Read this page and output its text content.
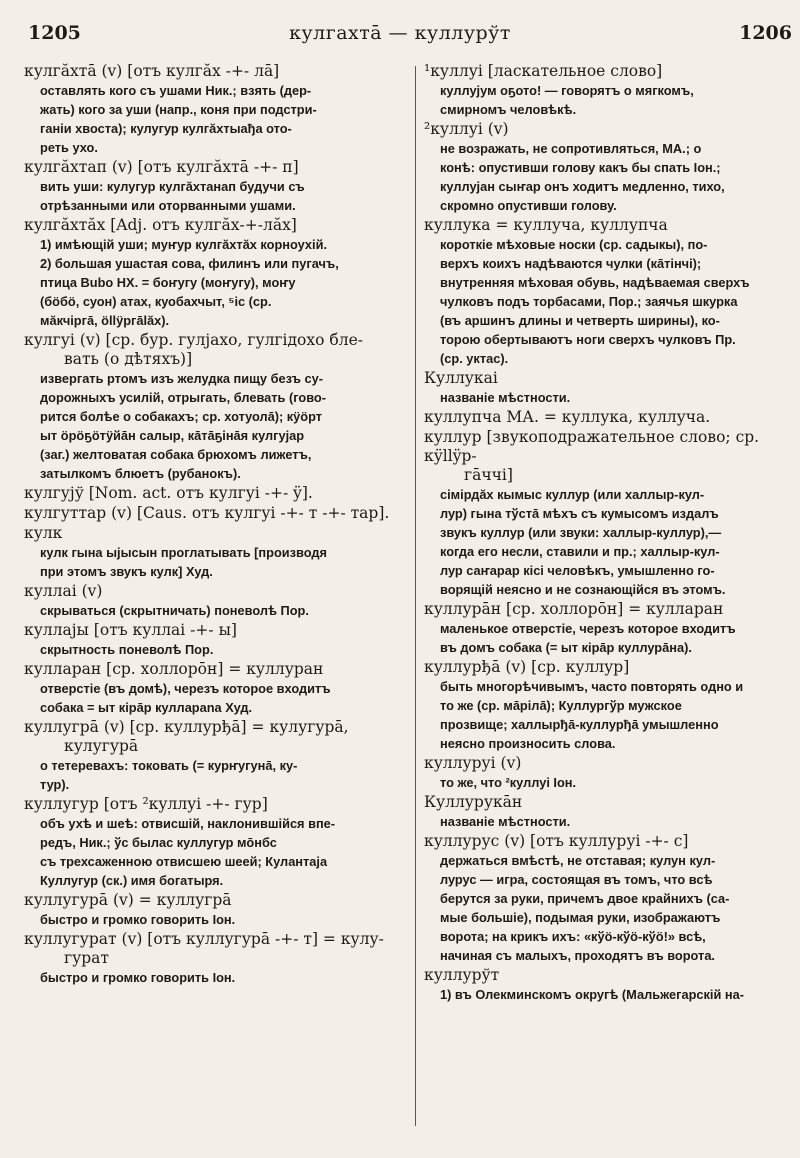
1205	кулгахтā — куллурўт	1206
кулгăхтā (v) [отъ кулгăх -+- лā]
оставлять кого съ ушами Ник.; взять (дер-
жать) кого за уши (напр., коня при подстри-
ганіи хвоста); кулугур кулгăхтыађа ото-
реть ухо.
кулгăхтап (v) [отъ кулгăхтā -+- п]
вить уши: кулугур кулгăхтанап будучи съ
отрѣзанными или оторванными ушами.
кулгăхтăх [Adj. отъ кулгăх-+-лăх]
1) имѣющій уши; муҥур кулгăхтăх корноухій.
2) большая ушастая сова, филинъ или пугачъ,
птица Bubo НХ. = боҥугу (моҥугу), моҥу
(бӧбӧ, суон) атах, куобахчыт, ⁵іс (ср.
мăкчіргā, ӧllÿргālăх).
кулгуі (v) [ср. бур. гулјахо, гулгідохо бле-
вать (о дѣтяхъ)]
извергать ртомъ изъ желудка пищу безъ су-
дорожныхъ усилій, отрыгать, блевать (гово-
рится болѣе о собакахъ; ср. хотуолā); кӱӧрт
ыт ӧрӧҕӧтӱйāн салыр, кāтāҕінāя кулгујар
(заг.) желтоватая собака брюхомъ лижетъ,
затылкомъ блюетъ (рубанокъ).
кулгујў [Nom. act. отъ кулгуі -+- ÿ].
кулгуттар (v) [Caus. отъ кулгуі -+- т -+- тар].
кулк
кулк гына ыјысын проглатывать [производя
при этомъ звукъ кулк] Худ.
куллаі (v)
скрываться (скрытничать) поневолѣ Пор.
куллајы [отъ куллаі -+- ы]
скрытность поневолѣ Пор.
кулларан [ср. холлорōн] = куллуран
отверстіе (въ домѣ), черезъ которое входитъ
собака = ыт кірāр куллараna Худ.
куллугрā (v) [ср. куллурђā] = кулугурā,
кулугурā
о тетеревахъ: токовать (= курҥугунā, ку-
тур).
куллугур [отъ ²куллуі -+- гур]
объ ухѣ и шеѣ: отвисшій, наклонившійся впе-
редъ, Ник.; ўс былас куллугур мōнбс
съ трехсаженною отвисшею шеей; Кулантаја
Куллугур (ск.) имя богатыря.
куллугурā (v) = куллугрā
быстро и громко говорить Іон.
куллугурат (v) [отъ куллугурā -+- т] = кулу-
гурат
быстро и громко говорить Іон.
¹куллуі [ласкательное слово]
куллујум оҕото! — говорятъ о мягкомъ,
смирномъ человѣкѣ.
²куллуі (v)
не возражать, не сопротивляться, МА.; о
конѣ: опустивши голову какъ бы спать Іон.;
куллујан сыҥар онъ ходитъ медленно, тихо,
скромно опустивши голову.
куллука = куллуча, куллупча
короткіе мѣховые носки (ср. садыкы), по-
верхъ коихъ надѣваются чулки (кāтінчі);
внутренняя мѣховая обувь, надѣваемая сверхъ
чулковъ подъ торбасами, Пор.; заячья шкурка
(въ аршинъ длины и четверть ширины), ко-
торою обертываютъ ноги сверхъ чулковъ Пр.
(ср. уктас).
Куллукаі
названіе мѣстности.
куллупча МА. = куллука, куллуча.
куллур [звукоподражательное слово; ср. кӱllÿр-
гāччі]
сімірдăх кымыс куллур (или халлыр-кул-
лур) гына тўстā мѣхъ съ кумысомъ издалъ
звукъ куллур (или звуки: халлыр-куллур),—
когда его несли, ставили и пр.; халлыр-кул-
лур саҥарар кісі человѣкъ, умышленно го-
ворящій неясно и не сознающійся въ этомъ.
куллурāн [ср. холлорōн] = кулларан
маленькое отверстіе, черезъ которое входитъ
въ домъ собака (= ыт кірāр куллурāна).
куллурђā (v) [ср. куллур]
быть многорѣчивымъ, часто повторять одно и
то же (ср. мāрілā); Куллургўр мужское
прозвище; халлырђā-куллурђā умышленно
неясно произносить слова.
куллуруі (v)
то же, что ²куллуі Іон.
Куллурукāн
названіе мѣстности.
куллурус (v) [отъ куллуруі -+- с]
держаться вмѣстѣ, не отставая; кулун кул-
лурус — игра, состоящая въ томъ, что всѣ
берутся за руки, причемъ двое крайнихъ (са-
мые большіе), подымая руки, изображаютъ
ворота; на крикъ ихъ: «кўӧ-кўӧ-кўӧ!» всѣ,
начиная съ малыхъ, проходятъ въ ворота.
куллурўт
1) въ Олекминскомъ округѣ (Мальжегарскій на-
